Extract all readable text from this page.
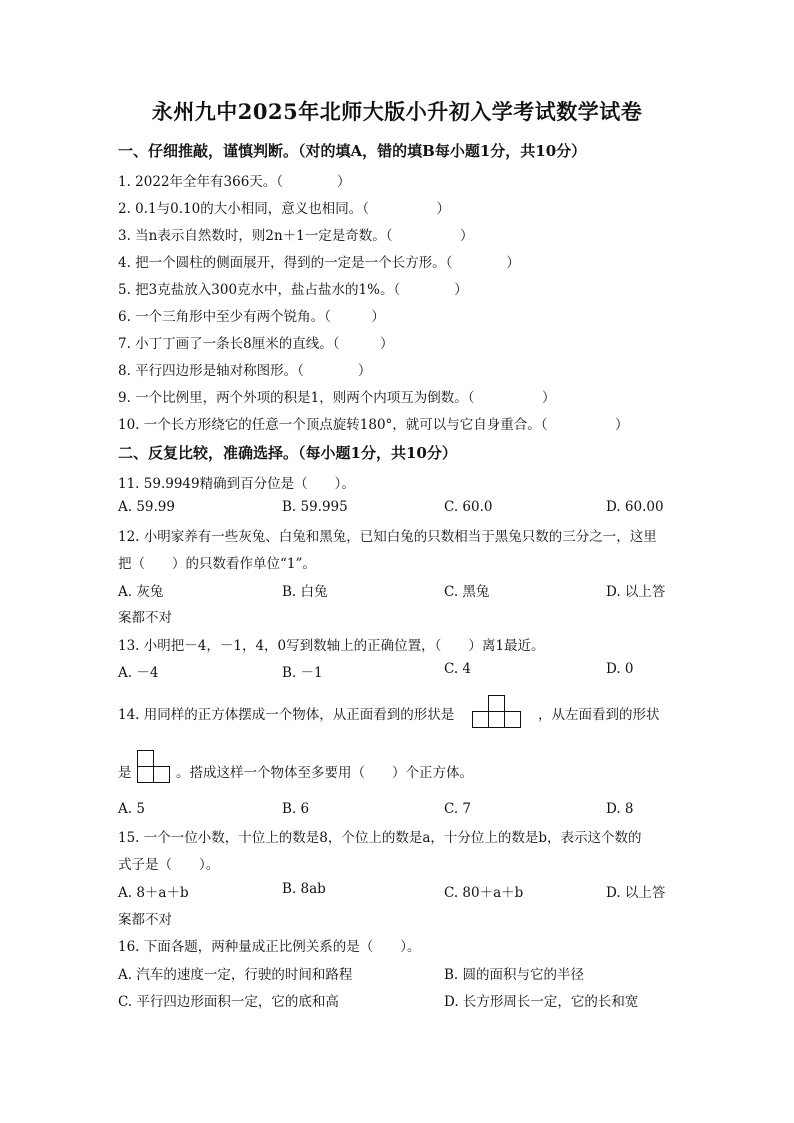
永州九中2025年北师大版小升初入学考试数学试卷
一、仔细推敲，谨慎判断。（对的填A，错的填B每小题1分，共10分）
1. 2022年全年有366天。（　　　　）
2. 0.1与0.10的大小相同，意义也相同。（　　　　　）
3. 当n表示自然数时，则2n＋1一定是奇数。（　　　　　）
4. 把一个圆柱的侧面展开，得到的一定是一个长方形。（　　　　）
5. 把3克盐放入300克水中，盐占盐水的1%。（　　　　）
6. 一个三角形中至少有两个锐角。（　　　）
7. 小丁丁画了一条长8厘米的直线。（　　　）
8. 平行四边形是轴对称图形。（　　　　）
9. 一个比例里，两个外项的积是1，则两个内项互为倒数。（　　　　　）
10. 一个长方形绕它的任意一个顶点旋转180°，就可以与它自身重合。（　　　　　）
二、反复比较，准确选择。（每小题1分，共10分）
11. 59.9949精确到百分位是（　　）。
A. 59.99	B. 59.995	C. 60.0	D. 60.00
12. 小明家养有一些灰兔、白兔和黑兔，已知白兔的只数相当于黑兔只数的三分之一，这里
把（　　）的只数看作单位“1”。
A. 灰兔	B. 白兔	C. 黑兔	D. 以上答
案都不对
13. 小明把－4，－1，4，0写到数轴上的正确位置，（　　）离1最近。
A. －4	B. －1	C. 4	D. 0
14. 用同样的正方体摆成一个物体，从正面看到的形状是	，从左面看到的形状
是	。搭成这样一个物体至多要用（　　）个正方体。
A. 5	B. 6	C. 7	D. 8
15. 一个一位小数，十位上的数是8，个位上的数是a，十分位上的数是b，表示这个数的
式子是（　　）。
A. 8＋a＋b	B. 8ab	C. 80＋a＋b	D. 以上答
案都不对
16. 下面各题，两种量成正比例关系的是（　　）。
A. 汽车的速度一定，行驶的时间和路程	B. 圆的面积与它的半径
C. 平行四边形面积一定，它的底和高	D. 长方形周长一定，它的长和宽
